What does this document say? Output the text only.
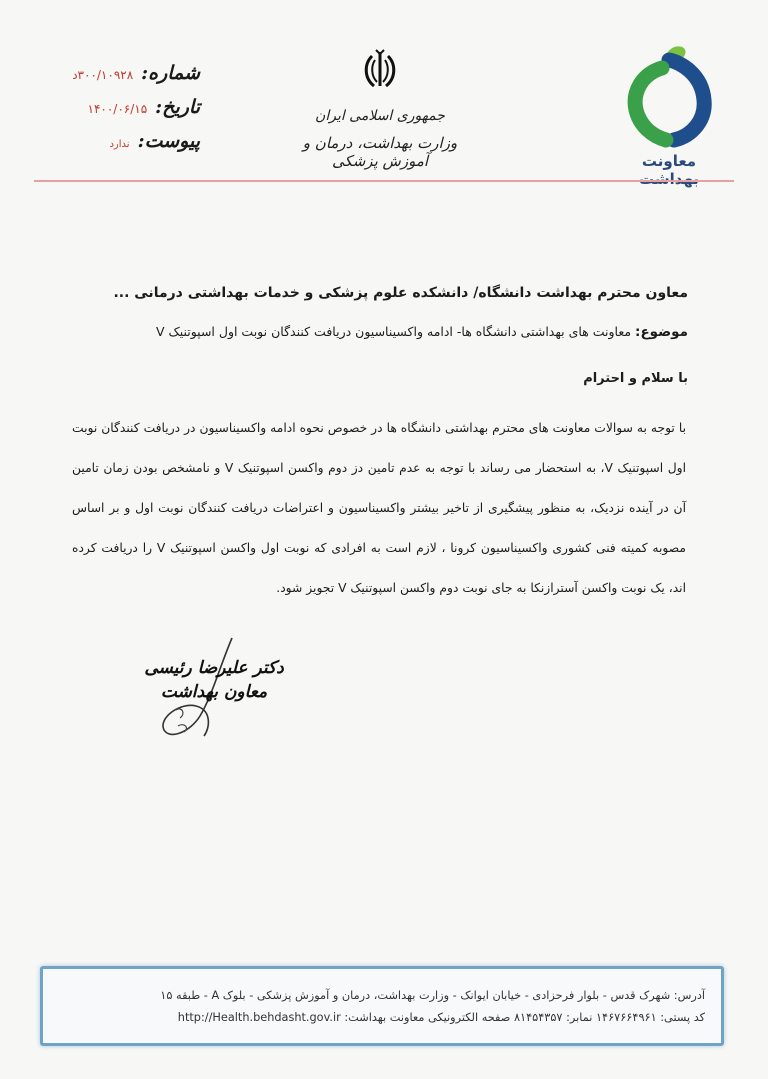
معاونت بهداشت
جمهوری اسلامی ایران
وزارت بهداشت، درمان و آموزش پزشکی
شماره:
۳۰۰/۱۰۹۲۸د
تاریخ:
۱۴۰۰/۰۶/۱۵
پیوست:
ندارد

معاون محترم بهداشت دانشگاه/ دانشکده علوم پزشکی و خدمات بهداشتی درمانی ...

موضوع: معاونت های بهداشتی دانشگاه ها- ادامه واکسیناسیون دریافت کنندگان نوبت اول اسپوتنیک V

با سلام و احترام

با توجه به سوالات معاونت های محترم بهداشتی دانشگاه ها در خصوص نحوه ادامه واکسیناسیون در دریافت کنندگان نوبت اول اسپوتنیک V، به استحضار می رساند با توجه به عدم تامین دز دوم واکسن اسپوتنیک V و نامشخص بودن زمان تامین آن در آینده نزدیک، به منظور پیشگیری از تاخیر بیشتر واکسیناسیون و اعتراضات دریافت کنندگان نوبت اول و بر اساس مصوبه کمیته فنی کشوری واکسیناسیون کرونا ، لازم است به افرادی که نوبت اول واکسن اسپوتنیک V را دریافت کرده اند، یک نوبت واکسن آسترازنکا به جای نوبت دوم واکسن اسپوتنیک V تجویز شود.

دکتر علیرضا رئیسی
معاون بهداشت
آدرس: شهرک قدس - بلوار فرحزادی - خیابان ایوانک - وزارت بهداشت، درمان و آموزش پزشکی - بلوک A - طبقه ۱۵
کد پستی: ۱۴۶۷۶۶۴۹۶۱ نمابر: ۸۱۴۵۴۳۵۷ صفحه الکترونیکی معاونت بهداشت: http://Health.behdasht.gov.ir
